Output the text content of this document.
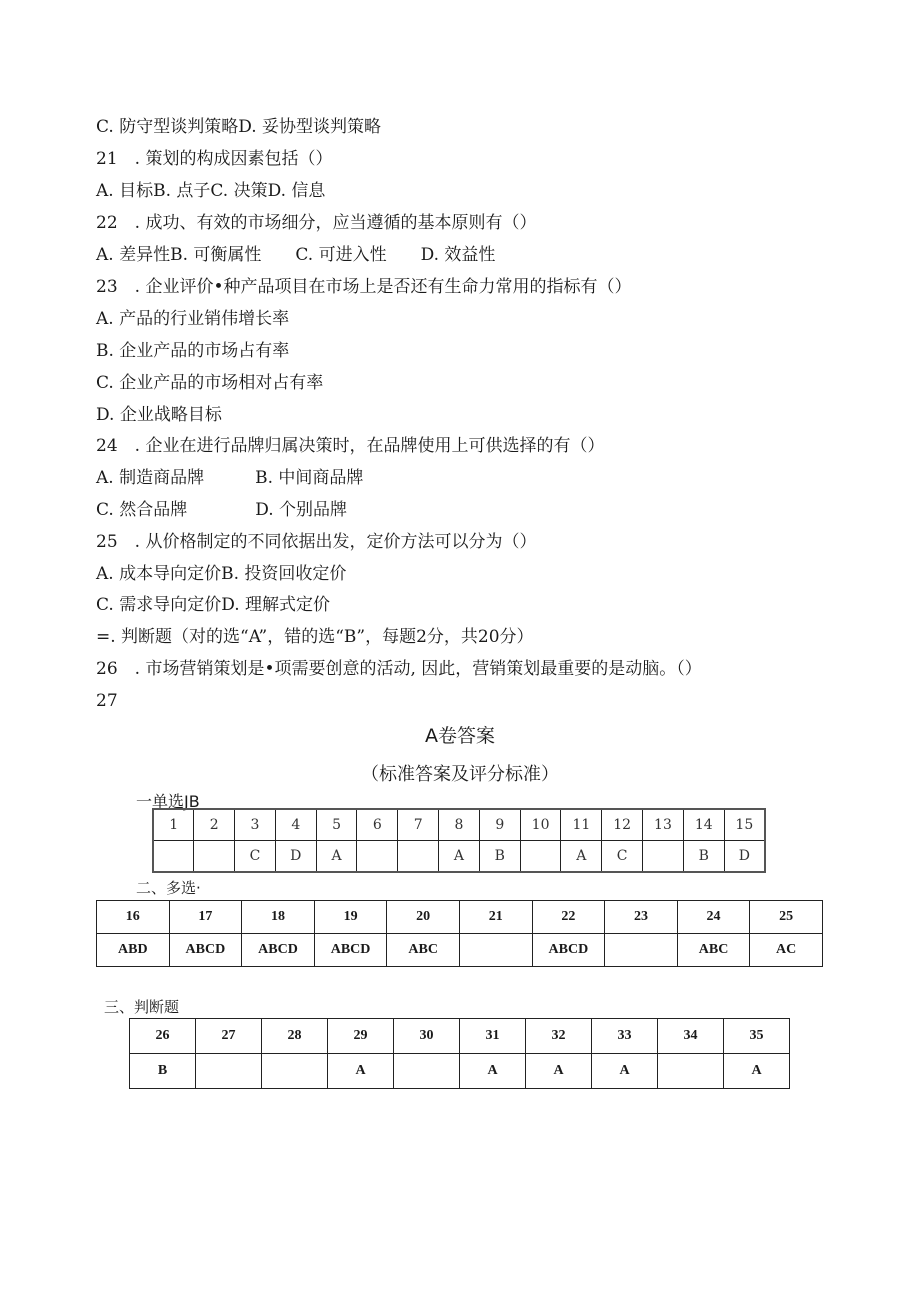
C. 防守型谈判策略D. 妥协型谈判策略
21　. 策划的构成因素包括（）
A. 目标B. 点子C. 决策D. 信息
22　. 成功、有效的市场细分，应当遵循的基本原则有（）
A. 差异性B. 可衡属性　　C. 可进入性　　D. 效益性
23　. 企业评价•种产品项目在市场上是否还有生命力常用的指标有（）
A. 产品的行业销伟增长率
B. 企业产品的市场占有率
C. 企业产品的市场相对占有率
D. 企业战略目标
24　. 企业在进行品牌归属决策时，在品牌使用上可供选择的有（）
A. 制造商品牌　　　B. 中间商品牌
C. 然合品牌　　　　D. 个别品牌
25　. 从价格制定的不同依据出发，定价方法可以分为（）
A. 成本导向定价B. 投资回收定价
C. 需求导向定价D. 理解式定价
=. 判断题（对的选“A”，错的选“B”，每题2分，共20分）
26　. 市场营销策划是•项需要创意的活动, 因此，营销策划最重要的是动脑。（）
27
A卷答案
（标准答案及评分标准）
一单选JB
1	2	3	4	5	6	7	8	9	10	11	12	13	14	15
		C	D	A			A	B		A	C		B	D
二、多选·
16	17	18	19	20	21	22	23	24	25
ABD	ABCD	ABCD	ABCD	ABC		ABCD		ABC	AC
三、判断题
26	27	28	29	30	31	32	33	34	35
B			A		A	A	A		A
